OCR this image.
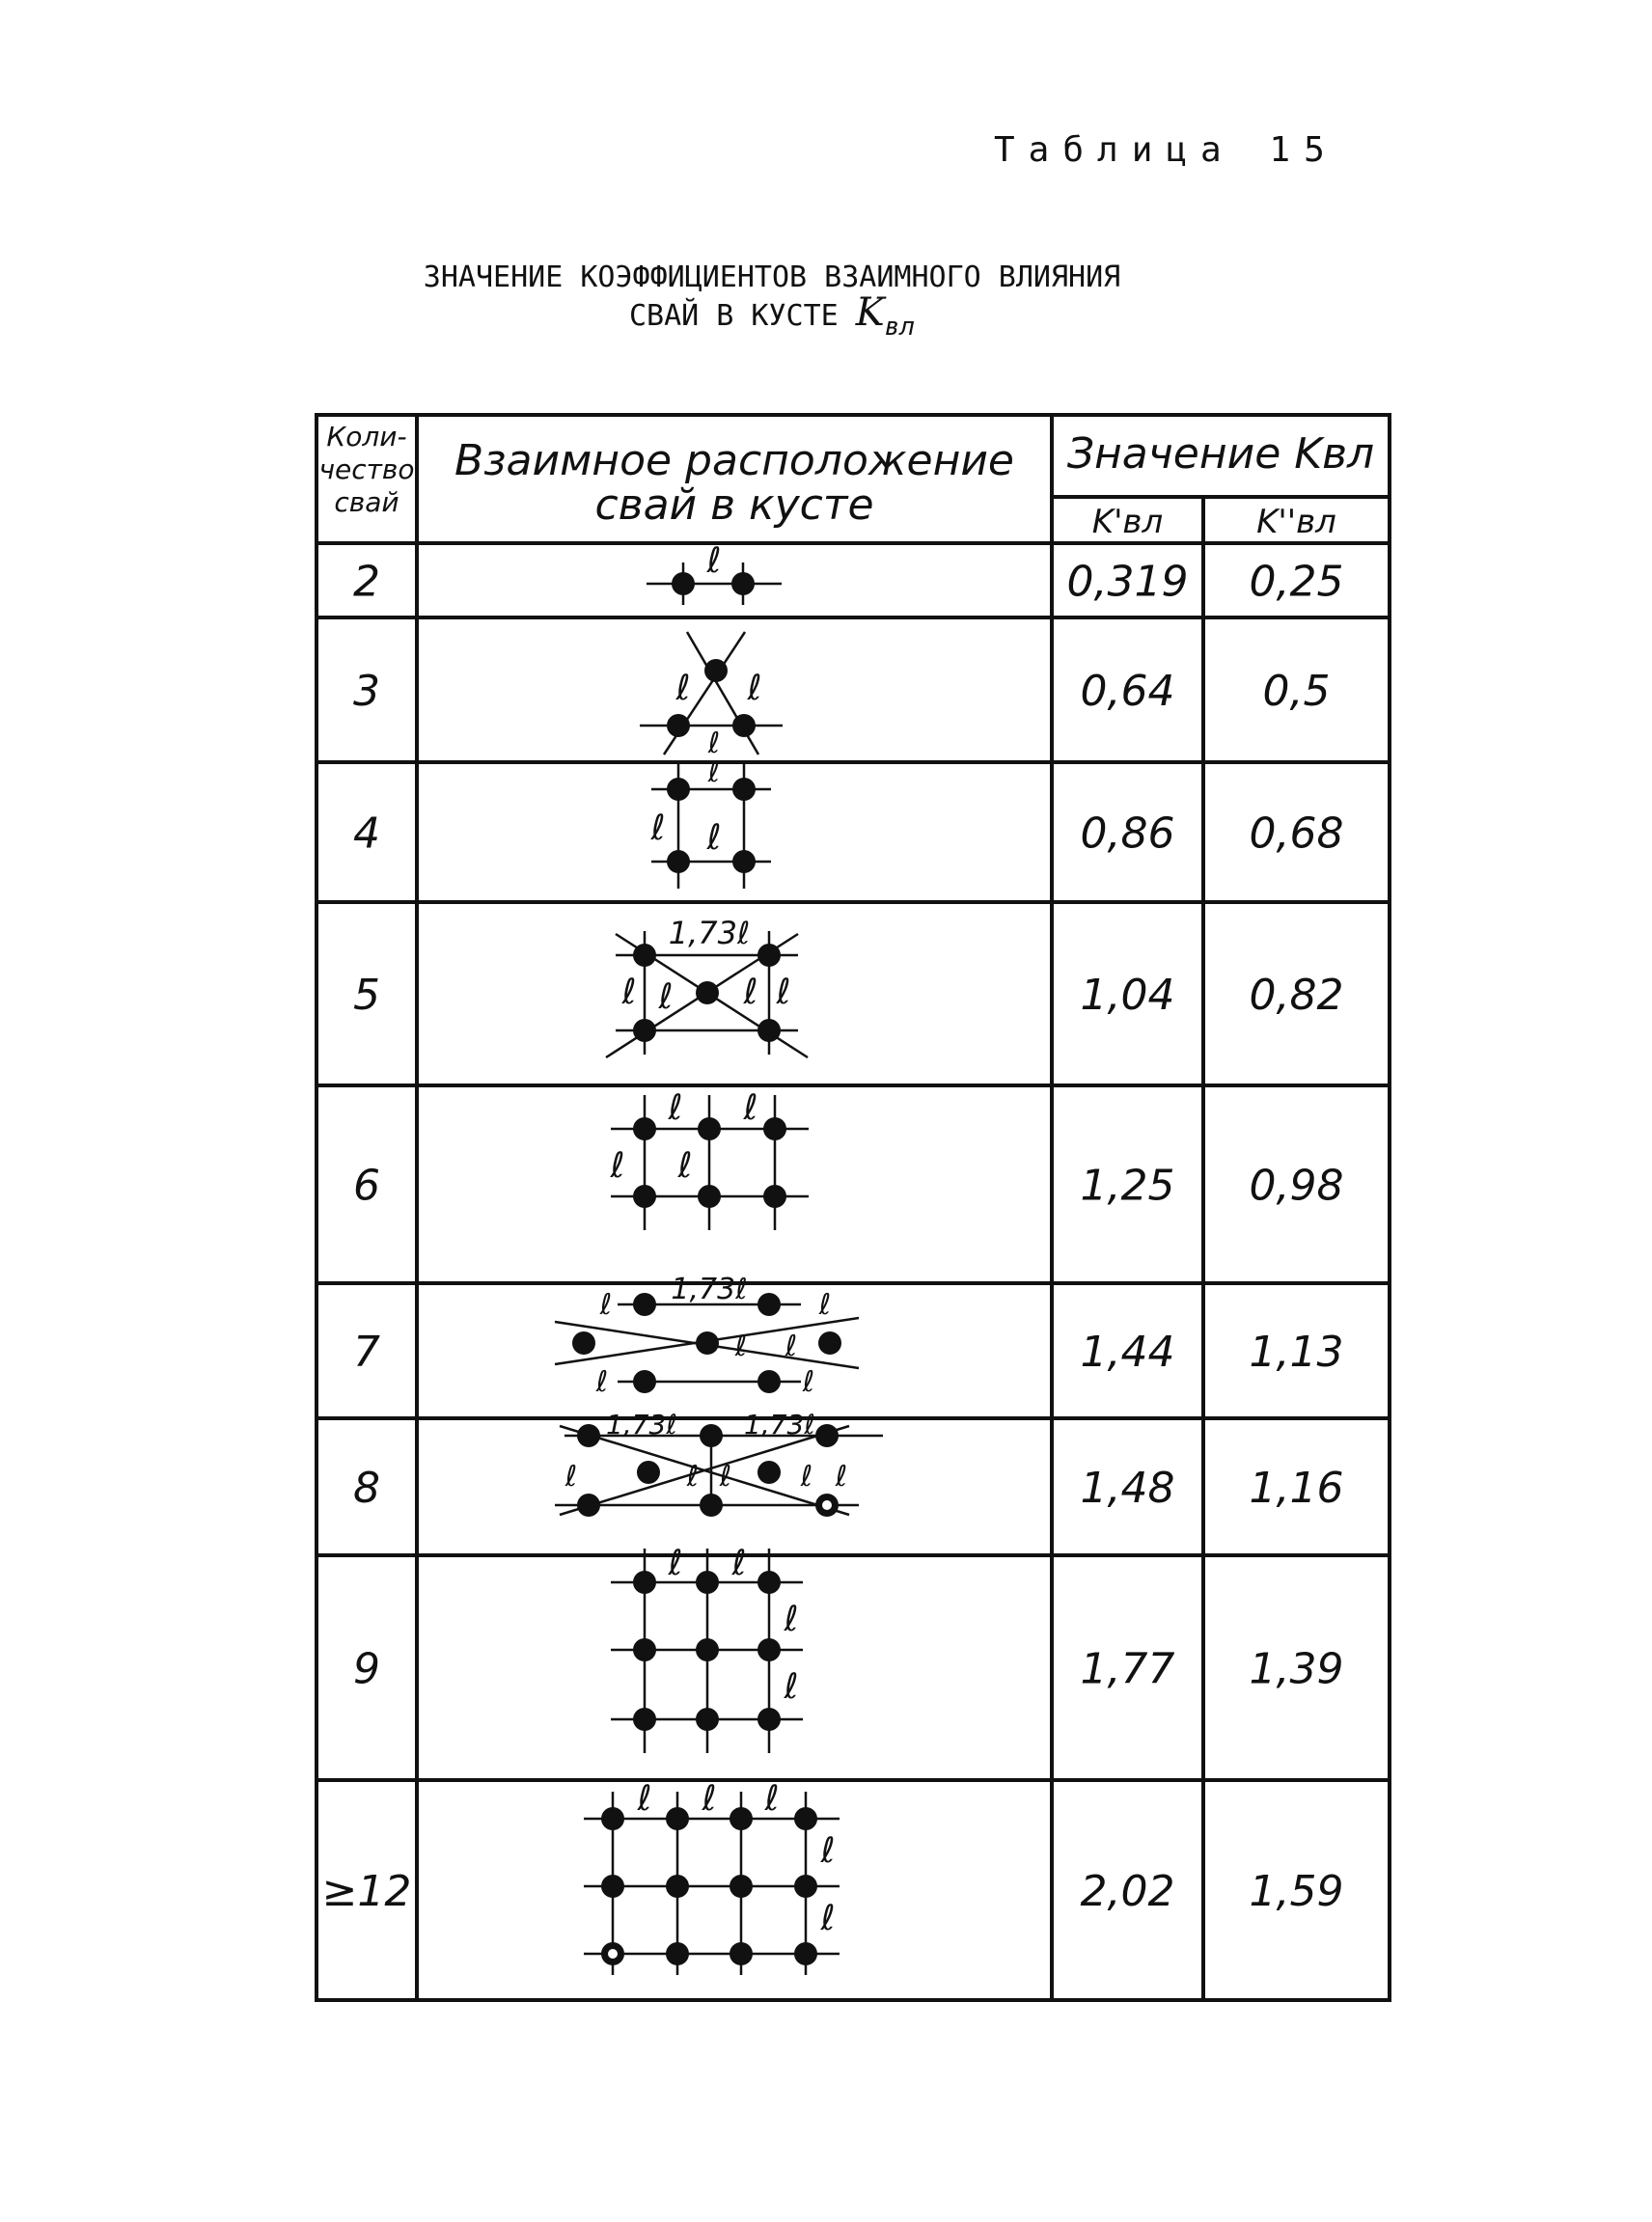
Таблица 15
ЗНАЧЕНИЕ КОЭФФИЦИЕНТОВ ВЗАИМНОГО ВЛИЯНИЯ
СВАЙ В КУСТЕ Kвл
Коли-
чество
свай
Взаимное расположение
свай в кусте
Значение Kвл
K'вл	K''вл
2	0,319 0,25
3	0,64 0,5
4	0,86 0,68
5	1,04 0,82
6	1,25 0,98
7	1,44 1,13
8	1,48 1,16
9	1,77 1,39
≥12	2,02 1,59
ℓ
ℓ ℓ
ℓ
ℓ
ℓ ℓ
1,73ℓ
ℓ ℓ ℓ ℓ
ℓ ℓ
ℓ ℓ
1,73ℓ
ℓ	ℓ
ℓ ℓ
ℓ	ℓ
1,73ℓ 1,73ℓ
ℓ	ℓ ℓ ℓ ℓ
ℓ ℓ
ℓ
ℓ
ℓ ℓ ℓ
ℓ
ℓ
